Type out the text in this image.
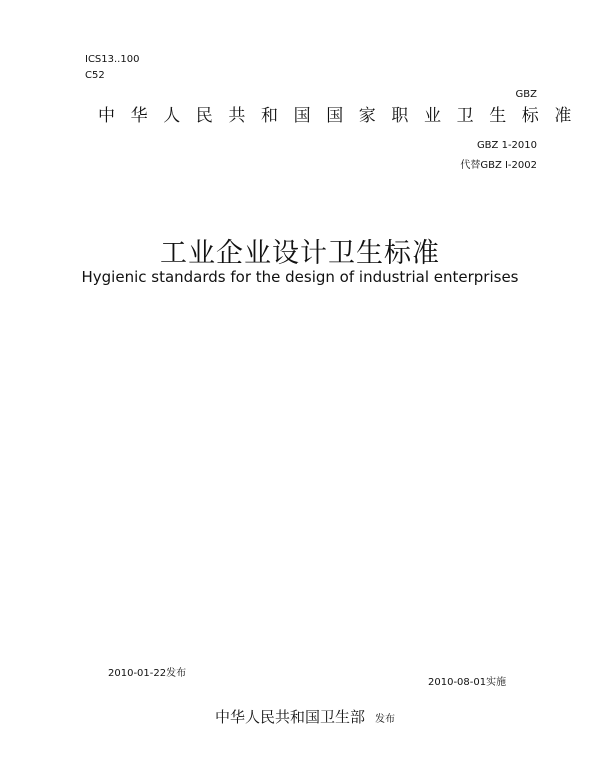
ICS13..100
C52
GBZ
中华人民共和国国家职业卫生标准
GBZ 1-2010
代替GBZ I-2002
工业企业设计卫生标准
Hygienic standards for the design of industrial enterprises
2010-01-22发布
2010-08-01实施
中华人民共和国卫生部 发布
